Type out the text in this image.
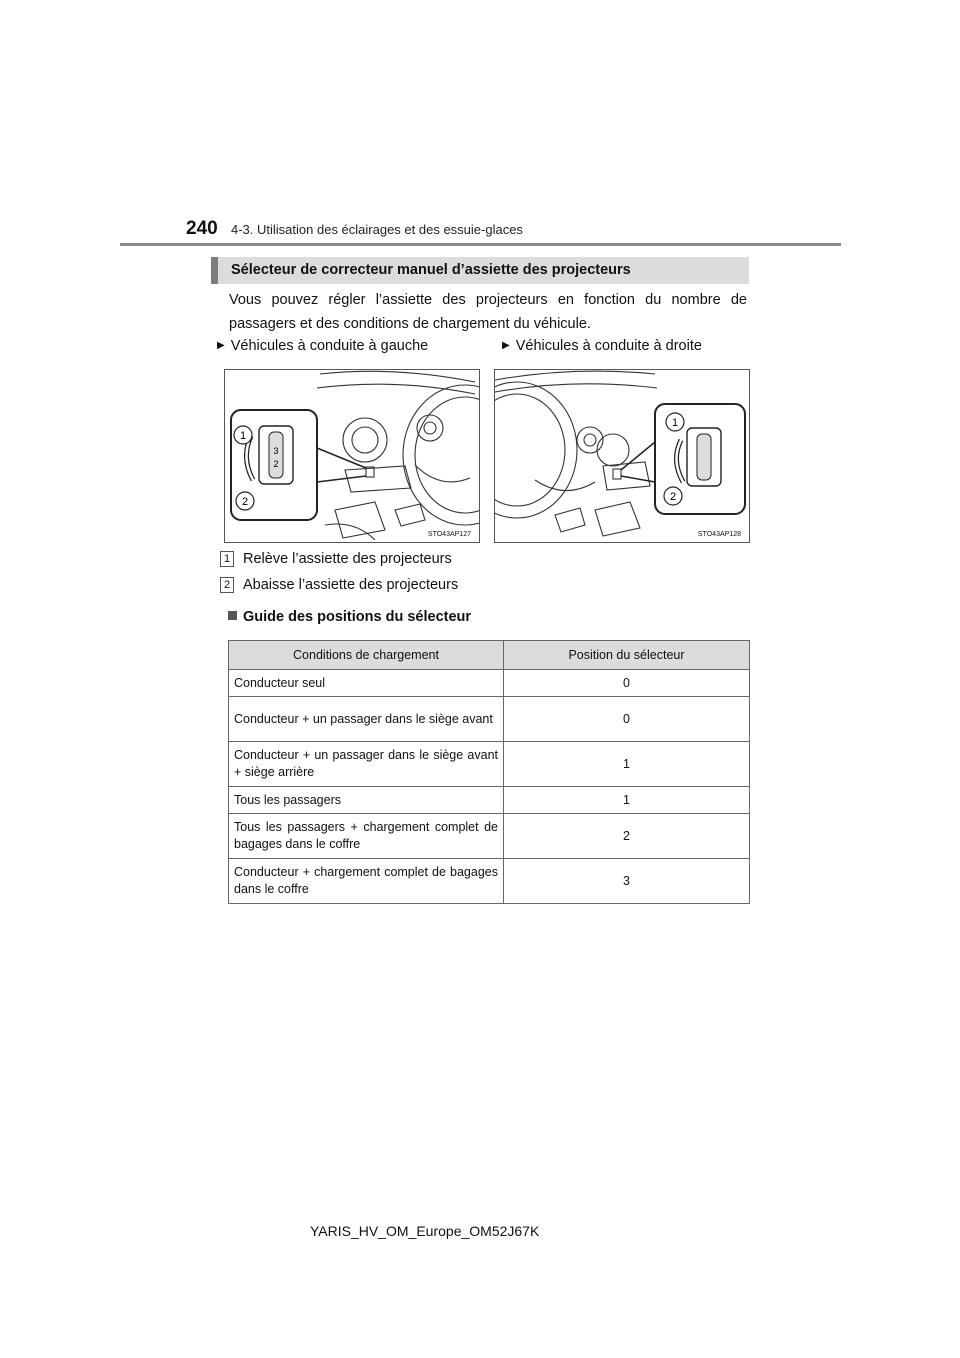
240 4-3. Utilisation des éclairages et des essuie-glaces
Sélecteur de correcteur manuel d’assiette des projecteurs
Vous pouvez régler l’assiette des projecteurs en fonction du nombre de passagers et des conditions de chargement du véhicule.
▶ Véhicules à conduite à gauche	▶ Véhicules à conduite à droite
3
2
1
2
STO43AP127
1
2
STO43AP128
1 Relève l’assiette des projecteurs
2 Abaisse l’assiette des projecteurs
Guide des positions du sélecteur
Conditions de chargement	Position du sélecteur
Conducteur seul	0
Conducteur + un passager dans le siège avant	0
Conducteur + un passager dans le siège avant + siège arrière	1
Tous les passagers	1
Tous les passagers + chargement complet de bagages dans le coffre	2
Conducteur + chargement complet de bagages dans le coffre	3
YARIS_HV_OM_Europe_OM52J67K
